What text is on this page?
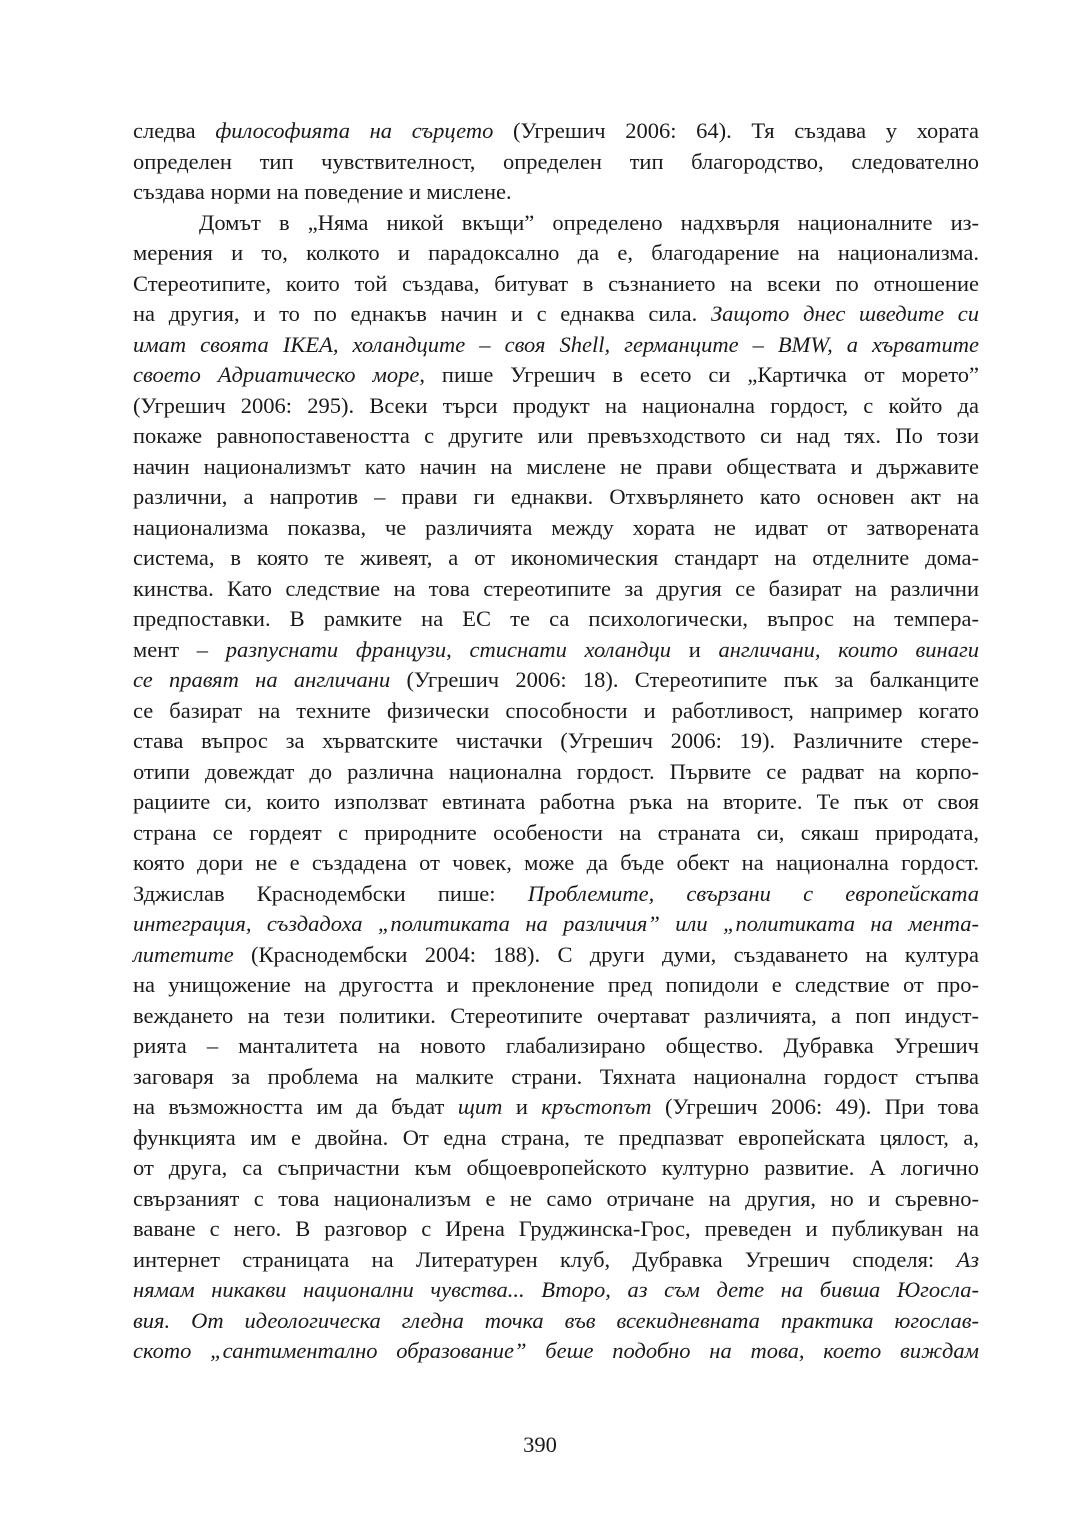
следва философията на сърцето (Угрешич 2006: 64). Тя създава у хората
определен тип чувствителност, определен тип благородство, следователно
създава норми на поведение и мислене.
Домът в „Няма никой вкъщи” определено надхвърля националните из-
мерения и то, колкото и парадоксално да е, благодарение на национализма.
Стереотипите, които той създава, битуват в съзнанието на всеки по отношение
на другия, и то по еднакъв начин и с еднаква сила. Защото днес шведите си
имат своята IKEA, холандците – своя Shell, германците – BMW, а хърватите
своето Адриатическо море, пише Угрешич в есето си „Картичка от морето”
(Угрешич 2006: 295). Всеки търси продукт на национална гордост, с който да
покаже равнопоставеността с другите или превъзходството си над тях. По този
начин национализмът като начин на мислене не прави обществата и държавите
различни, а напротив – прави ги еднакви. Отхвърлянето като основен акт на
национализма показва, че различията между хората не идват от затворената
система, в която те живеят, а от икономическия стандарт на отделните дома-
кинства. Като следствие на това стереотипите за другия се базират на различни
предпоставки. В рамките на ЕС те са психологически, въпрос на темпера-
мент – разпуснати французи, стиснати холандци и англичани, които винаги
се правят на англичани (Угрешич 2006: 18). Стереотипите пък за балканците
се базират на техните физически способности и работливост, например когато
става въпрос за хърватските чистачки (Угрешич 2006: 19). Различните стере-
отипи довеждат до различна национална гордост. Първите се радват на корпо-
рациите си, които използват евтината работна ръка на вторите. Те пък от своя
страна се гордеят с природните особености на страната си, сякаш природата,
която дори не е създадена от човек, може да бъде обект на национална гордост.
Зджислав Краснодембски пише: Проблемите, свързани с европейската
интеграция, създадоха „политиката на различия” или „политиката на мента-
литетите (Краснодембски 2004: 188). С други думи, създаването на култура
на унищожение на другостта и преклонение пред попидоли е следствие от про-
веждането на тези политики. Стереотипите очертават различията, а поп индуст-
рията – манталитета на новото глабализирано общество. Дубравка Угрешич
заговаря за проблема на малките страни. Тяхната национална гордост стъпва
на възможността им да бъдат щит и кръстопът (Угрешич 2006: 49). При това
функцията им е двойна. От една страна, те предпазват европейската цялост, а,
от друга, са съпричастни към общоевропейското културно развитие. А логично
свързаният с това национализъм е не само отричане на другия, но и съревно-
ваване с него. В разговор с Ирена Груджинска-Грос, преведен и публикуван на
интернет страницата на Литературен клуб, Дубравка Угрешич споделя: Аз
нямам никакви национални чувства... Второ, аз съм дете на бивша Югосла-
вия. От идеологическа гледна точка във всекидневната практика югослав-
ското „сантиментално образование” беше подобно на това, което виждам
390
